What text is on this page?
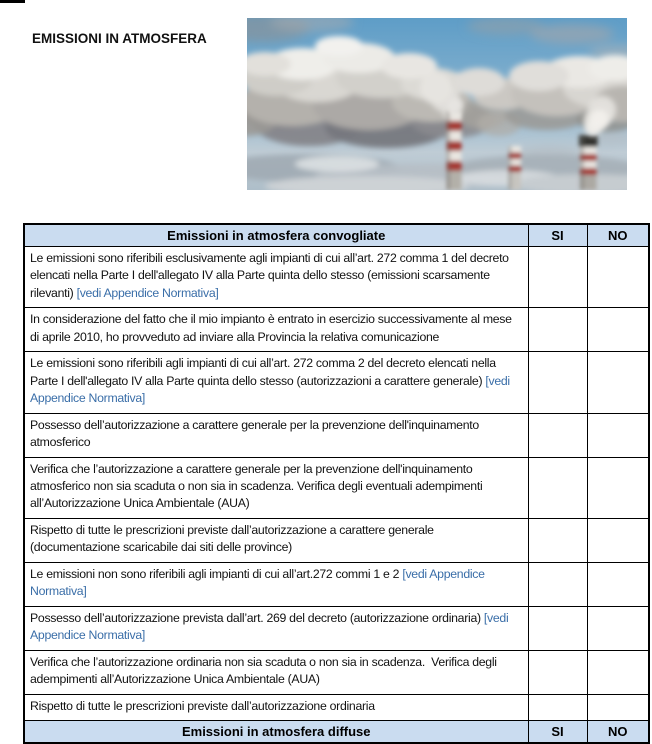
EMISSIONI IN ATMOSFERA
Emissioni in atmosfera convogliate	SI	NO
Le emissioni sono riferibili esclusivamente agli impianti di cui all’art. 272 comma 1 del decreto elencati nella Parte I dell'allegato IV alla Parte quinta dello stesso (emissioni scarsamente rilevanti) [vedi Appendice Normativa]		
In considerazione del fatto che il mio impianto è entrato in esercizio successivamente al mese di aprile 2010, ho provveduto ad inviare alla Provincia la relativa comunicazione		
Le emissioni sono riferibili agli impianti di cui all’art. 272 comma 2 del decreto elencati nella Parte I dell'allegato IV alla Parte quinta dello stesso (autorizzazioni a carattere generale) [vedi Appendice Normativa]		
Possesso dell’autorizzazione a carattere generale per la prevenzione dell'inquinamento atmosferico		
Verifica che l’autorizzazione a carattere generale per la prevenzione dell'inquinamento atmosferico non sia scaduta o non sia in scadenza. Verifica degli eventuali adempimenti all’Autorizzazione Unica Ambientale (AUA)		
Rispetto di tutte le prescrizioni previste dall’autorizzazione a carattere generale (documentazione scaricabile dai siti delle province)		
Le emissioni non sono riferibili agli impianti di cui all’art.272 commi 1 e 2 [vedi Appendice Normativa]		
Possesso dell’autorizzazione prevista dall’art. 269 del decreto (autorizzazione ordinaria) [vedi Appendice Normativa]		
Verifica che l’autorizzazione ordinaria non sia scaduta o non sia in scadenza.  Verifica degli adempimenti all’Autorizzazione Unica Ambientale (AUA)		
Rispetto di tutte le prescrizioni previste dall’autorizzazione ordinaria		
Emissioni in atmosfera diffuse	SI	NO
